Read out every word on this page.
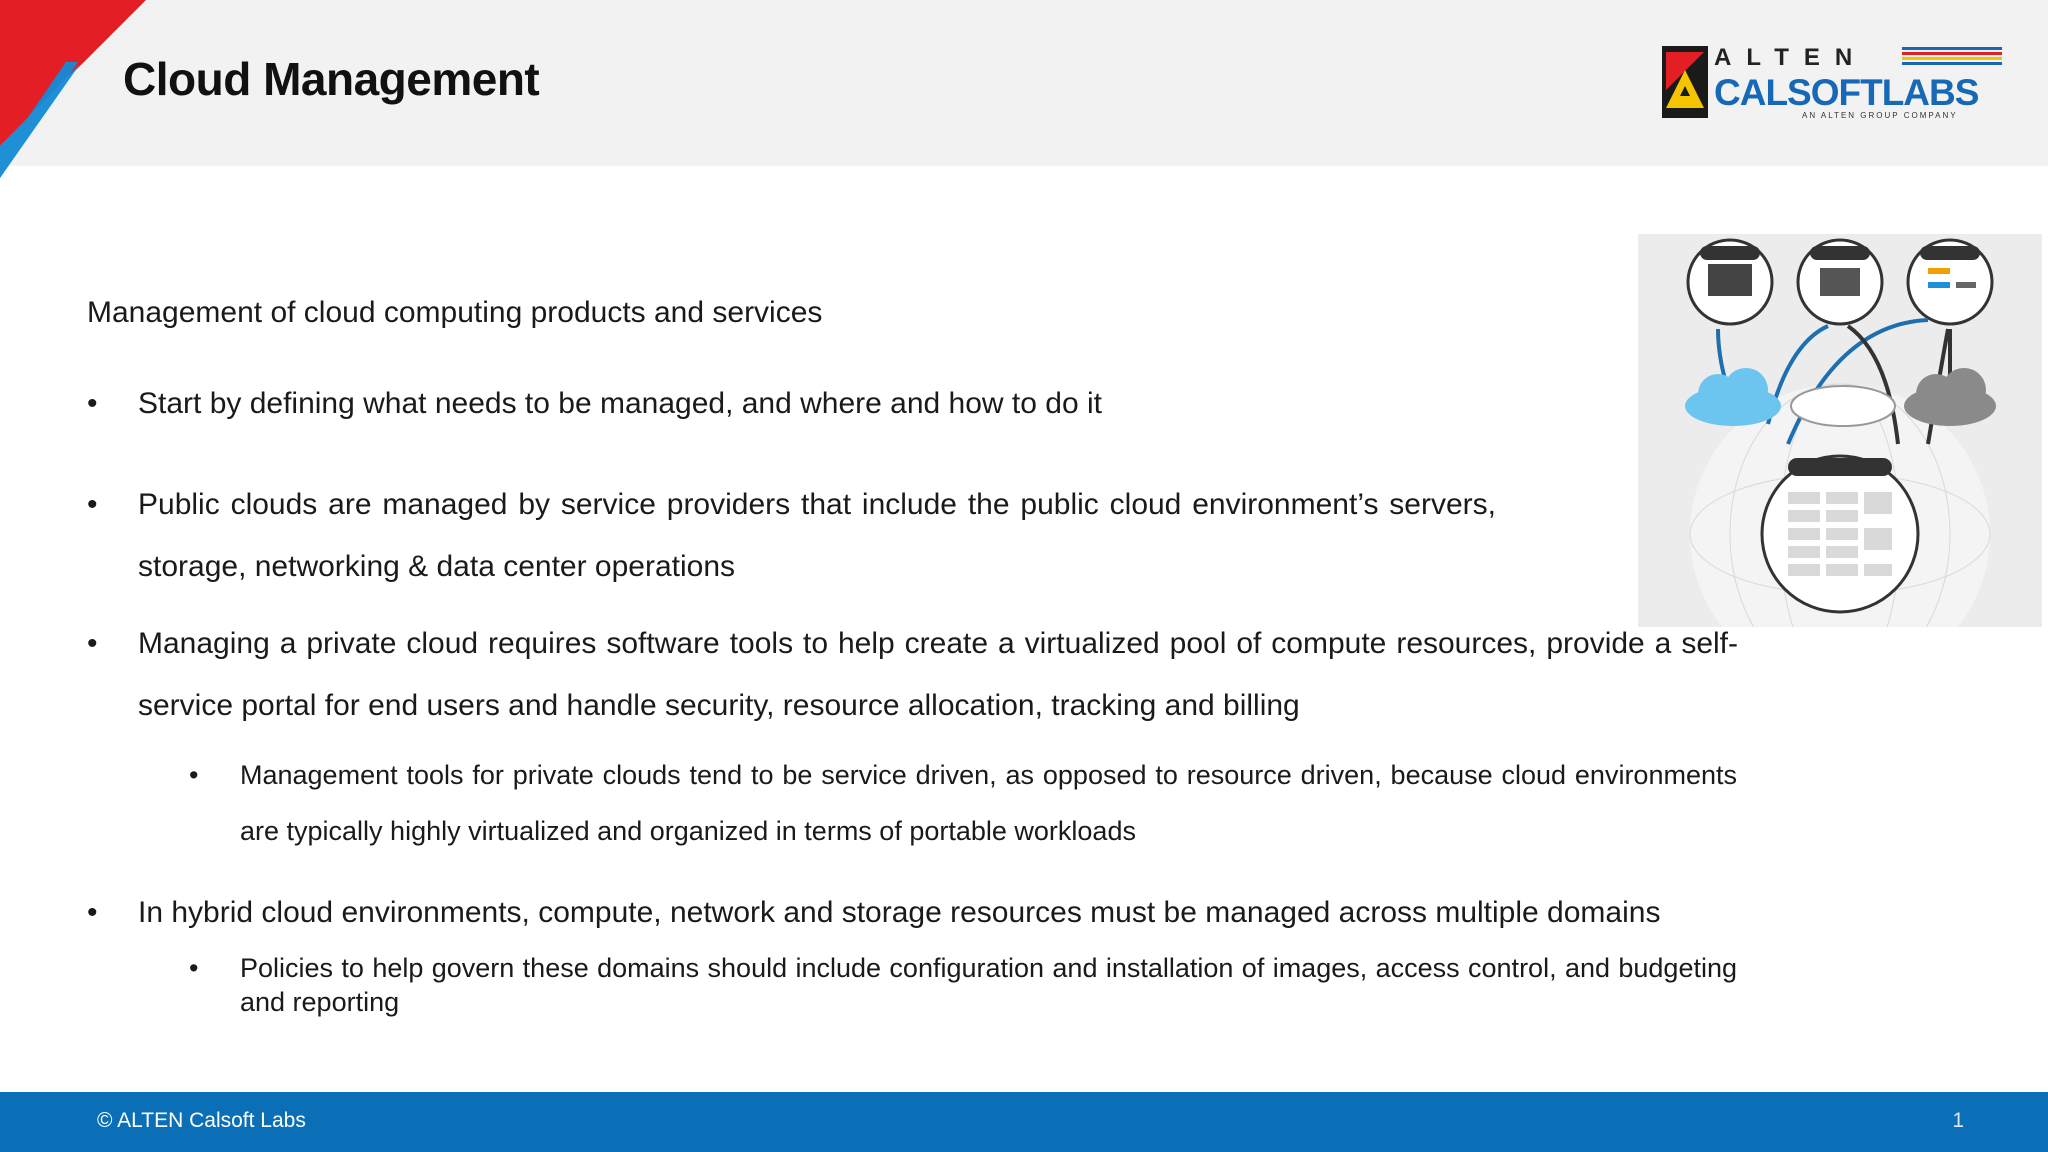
Cloud Management	ALTEN
CALSOFTLABS
AN ALTEN GROUP COMPANY
Management of cloud computing products and services
• Start by defining what needs to be managed, and where and how to do it
• Public clouds are managed by service providers that include the public cloud environment’s servers, storage, networking & data center operations
• Managing a private cloud requires software tools to help create a virtualized pool of compute resources, provide a self-service portal for end users and handle security, resource allocation, tracking and billing
• Management tools for private clouds tend to be service driven, as opposed to resource driven, because cloud environments are typically highly virtualized and organized in terms of portable workloads
• In hybrid cloud environments, compute, network and storage resources must be managed across multiple domains
• Policies to help govern these domains should include configuration and installation of images, access control, and budgeting and reporting
© ALTEN Calsoft Labs	1
